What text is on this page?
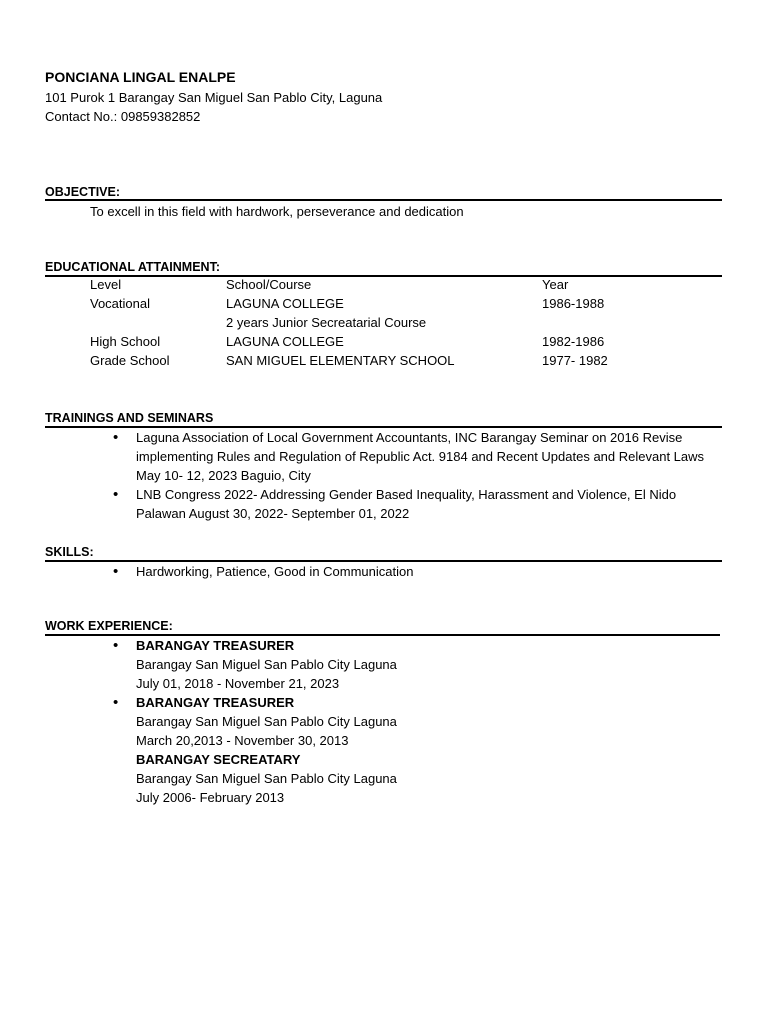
PONCIANA LINGAL ENALPE
101 Purok 1 Barangay San Miguel San Pablo City, Laguna
Contact No.: 09859382852
OBJECTIVE:
To excell in this field with hardwork, perseverance and dedication
EDUCATIONAL ATTAINMENT:
Level	School/Course	Year
Vocational	LAGUNA COLLEGE	1986-1988
2 years Junior Secreatarial Course
High School	LAGUNA COLLEGE	1982-1986
Grade School	SAN MIGUEL ELEMENTARY SCHOOL	1977- 1982
TRAININGS AND SEMINARS
• Laguna Association of Local Government Accountants, INC Barangay Seminar on 2016 Revise implementing Rules and Regulation of Republic Act. 9184 and Recent Updates and Relevant Laws May 10- 12, 2023 Baguio, City
• LNB Congress 2022- Addressing Gender Based Inequality, Harassment and Violence, El Nido Palawan August 30, 2022- September 01, 2022
SKILLS:
• Hardworking, Patience, Good in Communication
WORK EXPERIENCE:
• BARANGAY TREASURER
Barangay San Miguel San Pablo City Laguna
July 01, 2018 - November 21, 2023
• BARANGAY TREASURER
Barangay San Miguel San Pablo City Laguna
March 20,2013 - November 30, 2013
BARANGAY SECREATARY
Barangay San Miguel San Pablo City Laguna
July 2006- February 2013
